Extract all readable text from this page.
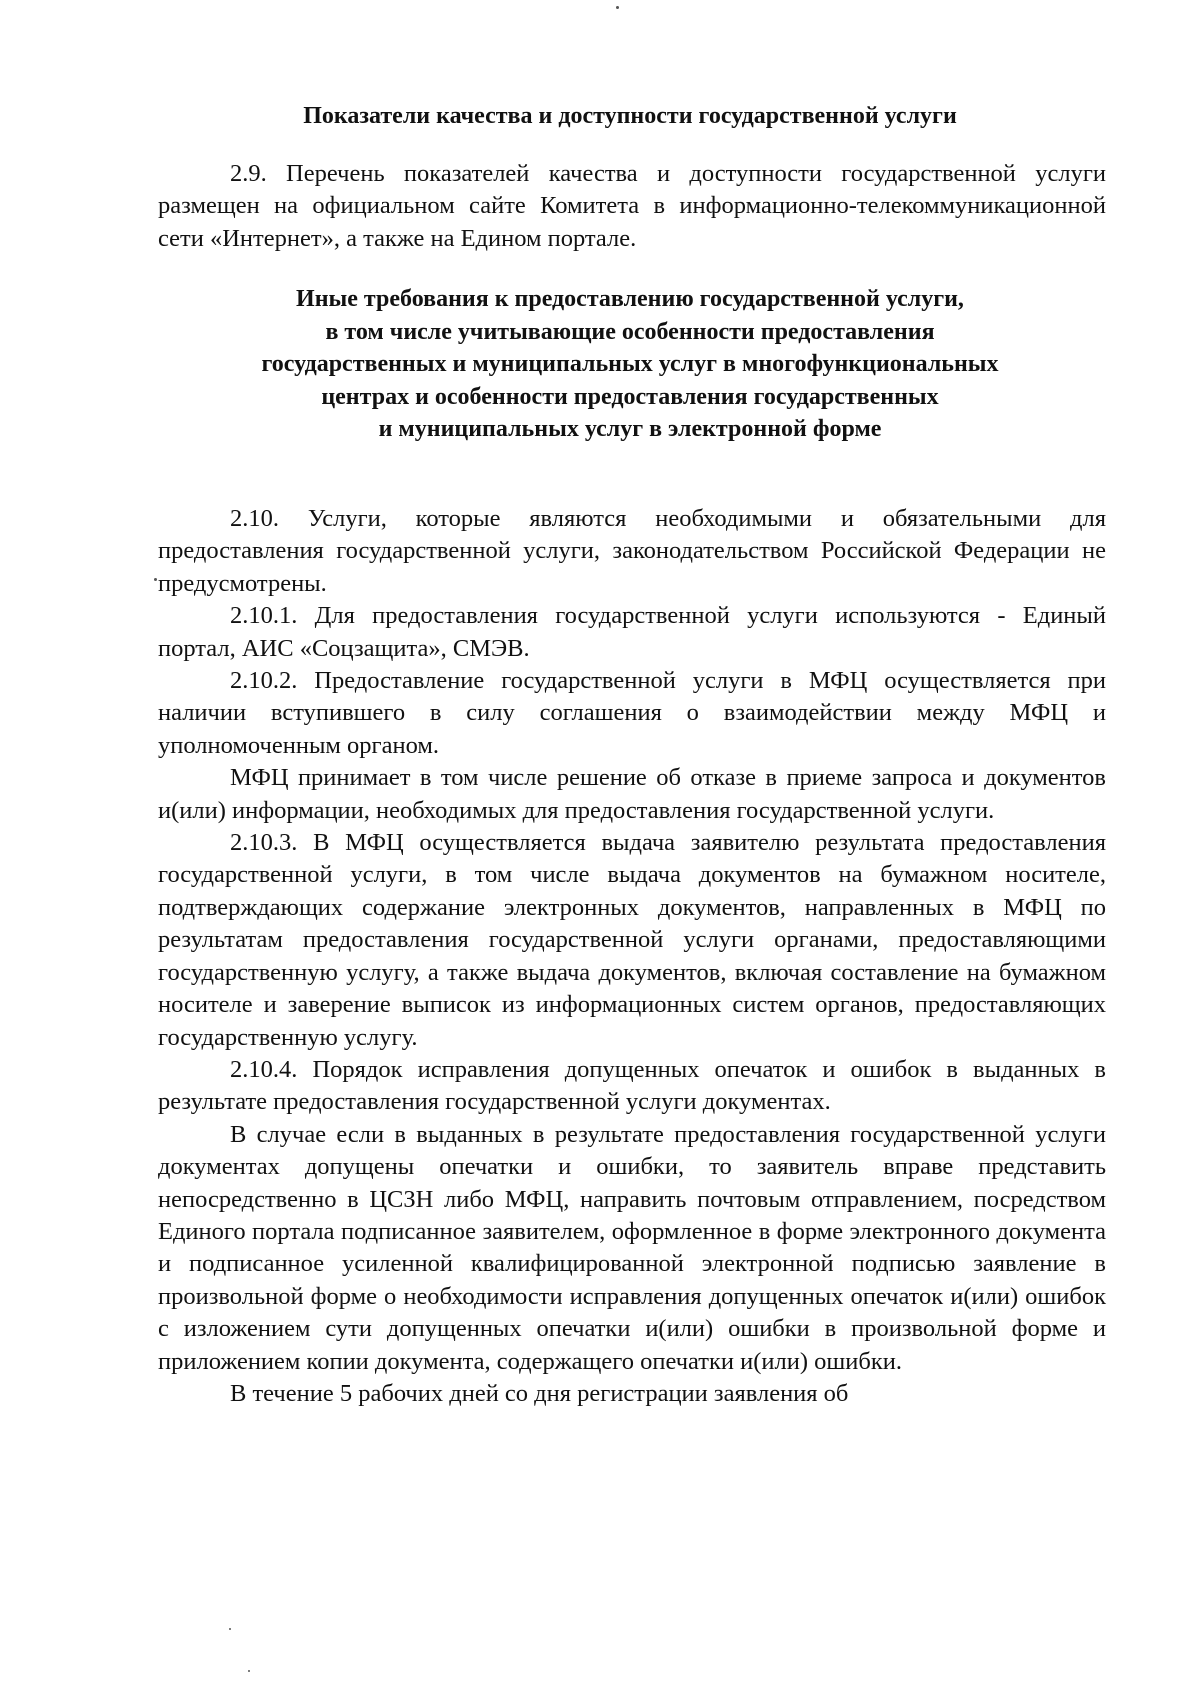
Показатели качества и доступности государственной услуги

2.9. Перечень показателей качества и доступности государственной услуги размещен на официальном сайте Комитета в информационно-телекоммуникационной сети «Интернет», а также на Едином портале.

Иные требования к предоставлению государственной услуги,
в том числе учитывающие особенности предоставления
государственных и муниципальных услуг в многофункциональных
центрах и особенности предоставления государственных
и муниципальных услуг в электронной форме

2.10. Услуги, которые являются необходимыми и обязательными для предоставления государственной услуги, законодательством Российской Федерации не предусмотрены.

2.10.1. Для предоставления государственной услуги используются - Единый портал, АИС «Соцзащита», СМЭВ.

2.10.2. Предоставление государственной услуги в МФЦ осуществляется при наличии вступившего в силу соглашения о взаимодействии между МФЦ и уполномоченным органом.

МФЦ принимает в том числе решение об отказе в приеме запроса и документов и(или) информации, необходимых для предоставления государственной услуги.

2.10.3. В МФЦ осуществляется выдача заявителю результата предоставления государственной услуги, в том числе выдача документов на бумажном носителе, подтверждающих содержание электронных документов, направленных в МФЦ по результатам предоставления государственной услуги органами, предоставляющими государственную услугу, а также выдача документов, включая составление на бумажном носителе и заверение выписок из информационных систем органов, предоставляющих государственную услугу.

2.10.4. Порядок исправления допущенных опечаток и ошибок в выданных в результате предоставления государственной услуги документах.

В случае если в выданных в результате предоставления государственной услуги документах допущены опечатки и ошибки, то заявитель вправе представить непосредственно в ЦСЗН либо МФЦ, направить почтовым отправлением, посредством Единого портала подписанное заявителем, оформленное в форме электронного документа и подписанное усиленной квалифицированной электронной подписью заявление в произвольной форме о необходимости исправления допущенных опечаток и(или) ошибок с изложением сути допущенных опечатки и(или) ошибки в произвольной форме и приложением копии документа, содержащего опечатки и(или) ошибки.

В течение 5 рабочих дней со дня регистрации заявления об
